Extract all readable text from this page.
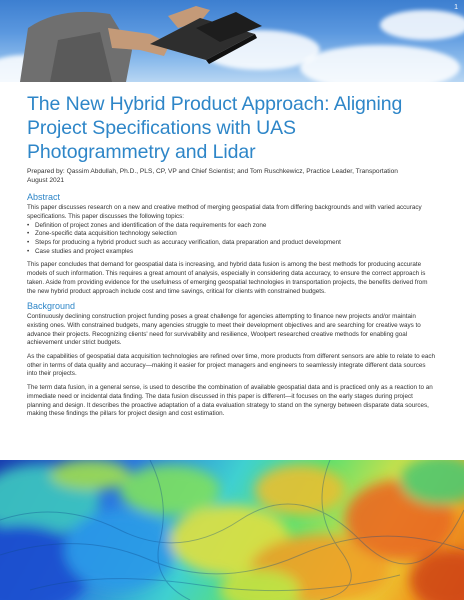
1
The New Hybrid Product Approach: Aligning Project Specifications with UAS Photogrammetry and Lidar

Prepared by: Qassim Abdullah, Ph.D., PLS, CP, VP and Chief Scientist; and Tom Ruschkewicz, Practice Leader, Transportation
August 2021

Abstract

This paper discusses research on a new and creative method of merging geospatial data from differing backgrounds and with varied accuracy specifications. This paper discusses the following topics:

• Definition of project zones and identification of the data requirements for each zone
• Zone-specific data acquisition technology selection
• Steps for producing a hybrid product such as accuracy verification, data preparation and product development
• Case studies and project examples

This paper concludes that demand for geospatial data is increasing, and hybrid data fusion is among the best methods for producing accurate models of such information. This requires a great amount of analysis, especially in considering data accuracy, to ensure the correct approach is taken. Aside from providing evidence for the usefulness of emerging geospatial technologies in transportation projects, the benefits derived from the new hybrid product approach include cost and time savings, critical for clients with constrained budgets.

Background

Continuously declining construction project funding poses a great challenge for agencies attempting to finance new projects and/or maintain existing ones. With constrained budgets, many agencies struggle to meet their development objectives and are searching for creative ways to advance their projects. Recognizing clients' need for survivability and resilience, Woolpert researched creative methods for enabling goal achievement under strict budgets.

As the capabilities of geospatial data acquisition technologies are refined over time, more products from different sensors are able to relate to each other in terms of data quality and accuracy—making it easier for project managers and engineers to seamlessly integrate different data sources into their projects.

The term data fusion, in a general sense, is used to describe the combination of available geospatial data and is practiced only as a reaction to an immediate need or incidental data finding. The data fusion discussed in this paper is different—it focuses on the early stages during project planning and design. It describes the proactive adaptation of a data evaluation strategy to stand on the synergy between disparate data sources, making these findings the pillars for project design and cost estimation.
